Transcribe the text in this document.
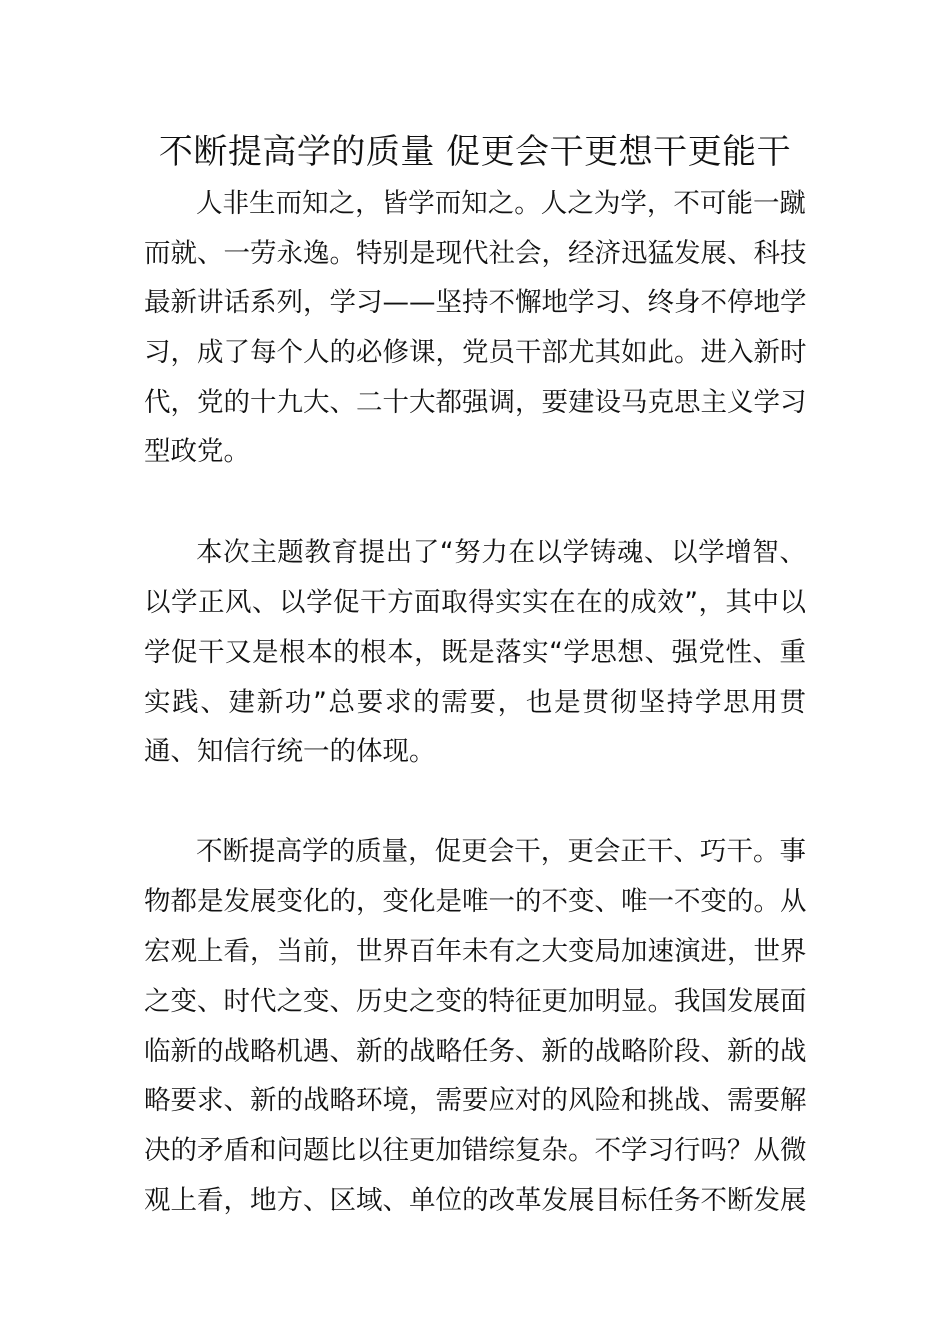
不断提高学的质量 促更会干更想干更能干
人非生而知之，皆学而知之。人之为学，不可能一蹴
而就、一劳永逸。特别是现代社会，经济迅猛发展、科技
最新讲话系列，学习——坚持不懈地学习、终身不停地学
习，成了每个人的必修课，党员干部尤其如此。进入新时
代，党的十九大、二十大都强调，要建设马克思主义学习
型政党。
本次主题教育提出了“努力在以学铸魂、以学增智、
以学正风、以学促干方面取得实实在在的成效”，其中以
学促干又是根本的根本，既是落实“学思想、强党性、重
实践、建新功”总要求的需要，也是贯彻坚持学思用贯
通、知信行统一的体现。
不断提高学的质量，促更会干，更会正干、巧干。事
物都是发展变化的，变化是唯一的不变、唯一不变的。从
宏观上看，当前，世界百年未有之大变局加速演进，世界
之变、时代之变、历史之变的特征更加明显。我国发展面
临新的战略机遇、新的战略任务、新的战略阶段、新的战
略要求、新的战略环境，需要应对的风险和挑战、需要解
决的矛盾和问题比以往更加错综复杂。不学习行吗？从微
观上看，地方、区域、单位的改革发展目标任务不断发展
